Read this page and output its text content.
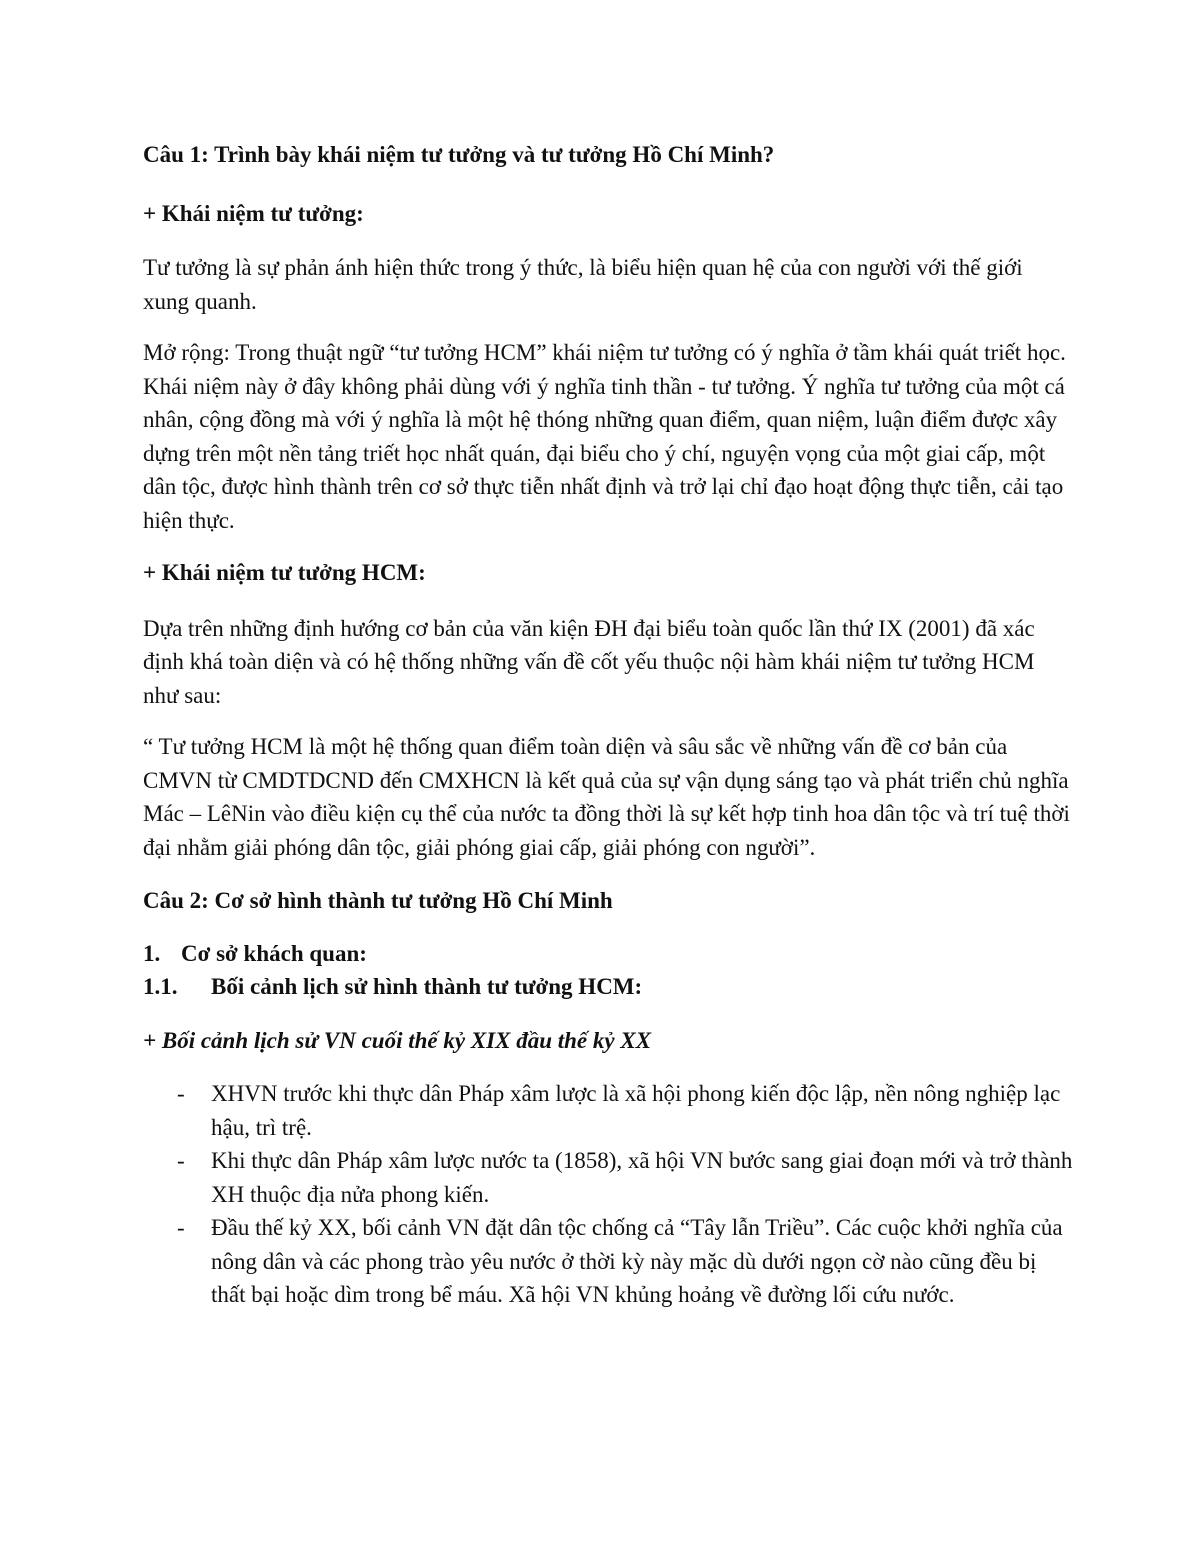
Câu 1: Trình bày khái niệm tư tưởng và tư tưởng Hồ Chí Minh?

+ Khái niệm tư tưởng:

Tư tưởng là sự phản ánh hiện thức trong ý thức, là biểu hiện quan hệ của con người với thế giới xung quanh.

Mở rộng: Trong thuật ngữ “tư tưởng HCM” khái niệm tư tưởng có ý nghĩa ở tầm khái quát triết học. Khái niệm này ở đây không phải dùng với ý nghĩa tinh thần - tư tưởng. Ý nghĩa tư tưởng của một cá nhân, cộng đồng mà với ý nghĩa là một hệ thóng những quan điểm, quan niệm, luận điểm được xây dựng trên một nền tảng triết học nhất quán, đại biểu cho ý chí, nguyện vọng của một giai cấp, một dân tộc, được hình thành trên cơ sở thực tiễn nhất định và trở lại chỉ đạo hoạt động thực tiễn, cải tạo hiện thực.

+ Khái niệm tư tưởng HCM:

Dựa trên những định hướng cơ bản của văn kiện ĐH đại biểu toàn quốc lần thứ IX (2001) đã xác định khá toàn diện và có hệ thống những vấn đề cốt yếu thuộc nội hàm khái niệm tư tưởng HCM như sau:

“ Tư tưởng HCM là một hệ thống quan điểm toàn diện và sâu sắc về những vấn đề cơ bản của CMVN từ CMDTDCND đến CMXHCN là kết quả của sự vận dụng sáng tạo và phát triển chủ nghĩa Mác – LêNin vào điều kiện cụ thể của nước ta đồng thời là sự kết hợp tinh hoa dân tộc và trí tuệ thời đại nhằm giải phóng dân tộc, giải phóng giai cấp, giải phóng con người”.

Câu 2: Cơ sở hình thành tư tưởng Hồ Chí Minh

1. Cơ sở khách quan:
1.1.	Bối cảnh lịch sử hình thành tư tưởng HCM:

+ Bối cảnh lịch sử VN cuối thế kỷ XIX đầu thế kỷ XX

-	XHVN trước khi thực dân Pháp xâm lược là xã hội phong kiến độc lập, nền nông nghiệp lạc hậu, trì trệ.
-	Khi thực dân Pháp xâm lược nước ta (1858), xã hội VN bước sang giai đoạn mới và trở thành XH thuộc địa nửa phong kiến.
-	Đầu thế kỷ XX, bối cảnh VN đặt dân tộc chống cả “Tây lẫn Triều”. Các cuộc khởi nghĩa của nông dân và các phong trào yêu nước ở thời kỳ này mặc dù dưới ngọn cờ nào cũng đều bị thất bại hoặc dìm trong bể máu. Xã hội VN khủng hoảng về đường lối cứu nước.
